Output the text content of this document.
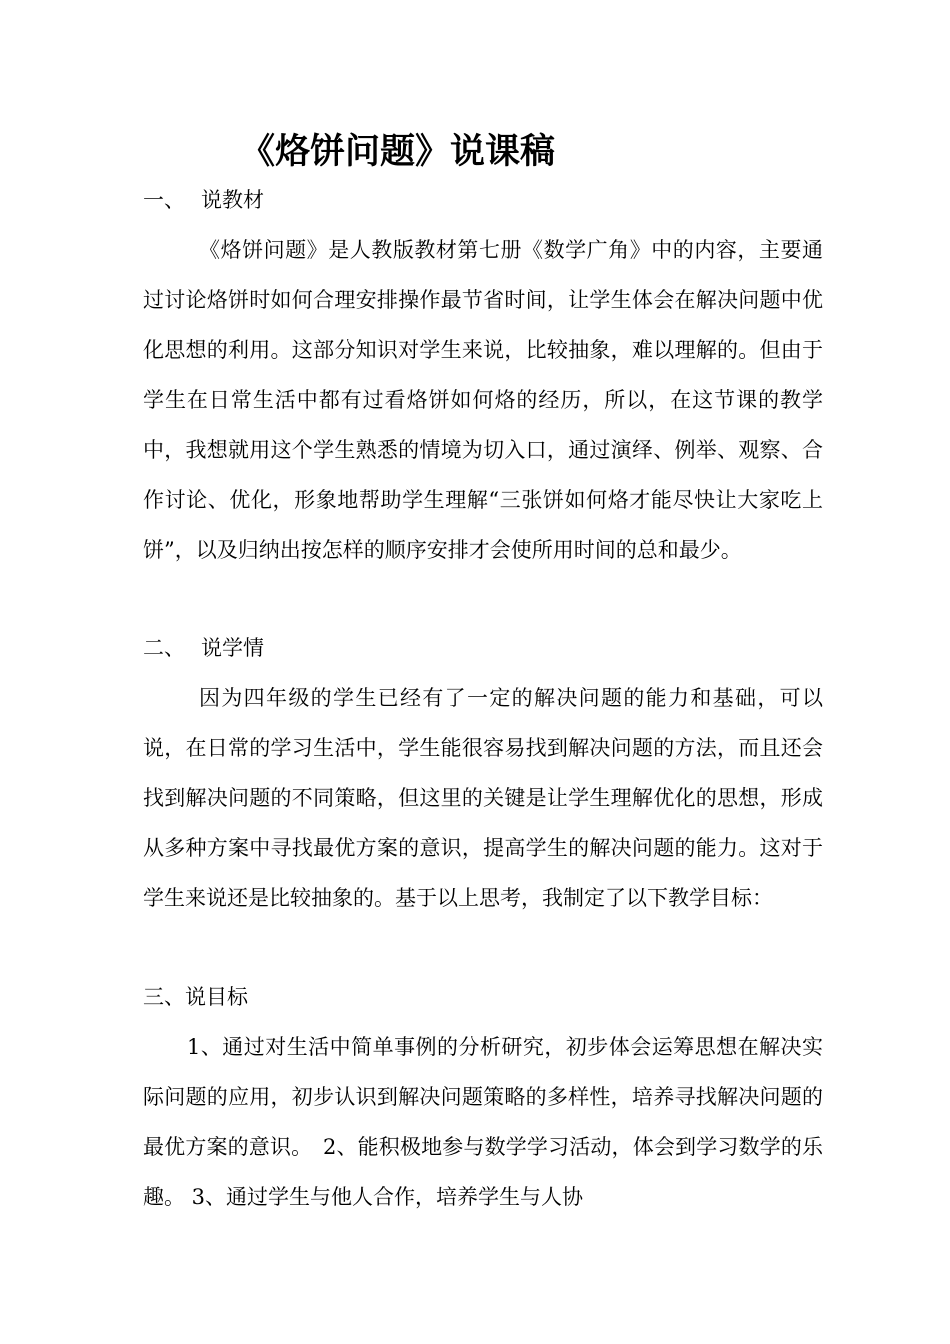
《烙饼问题》说课稿
一、 说教材
《烙饼问题》是人教版教材第七册《数学广角》中的内容，主要通过讨论烙饼时如何合理安排操作最节省时间，让学生体会在解决问题中优化思想的利用。这部分知识对学生来说，比较抽象，难以理解的。但由于学生在日常生活中都有过看烙饼如何烙的经历，所以，在这节课的教学中，我想就用这个学生熟悉的情境为切入口，通过演绎、例举、观察、合作讨论、优化，形象地帮助学生理解“三张饼如何烙才能尽快让大家吃上饼”，以及归纳出按怎样的顺序安排才会使所用时间的总和最少。
二、 说学情
因为四年级的学生已经有了一定的解决问题的能力和基础，可以说，在日常的学习生活中，学生能很容易找到解决问题的方法，而且还会找到解决问题的不同策略，但这里的关键是让学生理解优化的思想，形成从多种方案中寻找最优方案的意识，提高学生的解决问题的能力。这对于学生来说还是比较抽象的。基于以上思考，我制定了以下教学目标：
三、说目标
1、通过对生活中简单事例的分析研究，初步体会运筹思想在解决实际问题的应用，初步认识到解决问题策略的多样性，培养寻找解决问题的最优方案的意识。　2、能积极地参与数学学习活动，体会到学习数学的乐趣。 3、通过学生与他人合作，培养学生与人协
